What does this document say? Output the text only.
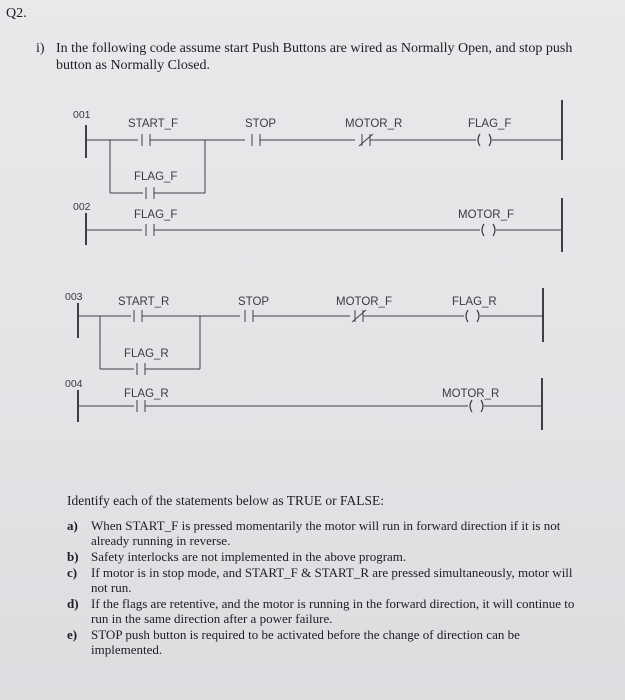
Q2.
i) In the following code assume start Push Buttons are wired as Normally Open, and stop push button as Normally Closed.
001
START_F	STOP	MOTOR_R	FLAG_F
FLAG_F
002
FLAG_F	MOTOR_F
003	START_R	STOP	MOTOR_F	FLAG_R
FLAG_R
004
FLAG_R	MOTOR_R
Identify each of the statements below as TRUE or FALSE:
a) When START_F is pressed momentarily the motor will run in forward direction if it is not already running in reverse.
b) Safety interlocks are not implemented in the above program.
c) If motor is in stop mode, and START_F & START_R are pressed simultaneously, motor will not run.
d) If the flags are retentive, and the motor is running in the forward direction, it will continue to run in the same direction after a power failure.
e) STOP push button is required to be activated before the change of direction can be implemented.
